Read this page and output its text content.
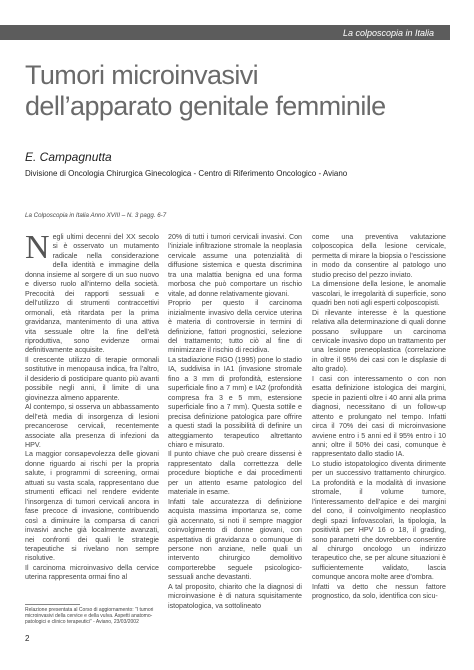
La colposcopia in Italia
Tumori microinvasivi
dell’apparato genitale femminile
E. Campagnutta
Divisione di Oncologia Chirurgica Ginecologica - Centro di Riferimento Oncologico - Aviano
La Colposcopia in Italia Anno XVIII – N. 3 pagg. 6-7

Negli ultimi decenni del XX secolo si è osservato un mutamento radicale nella considerazione della identità e immagine della donna insieme al sorgere di un suo nuovo e diverso ruolo all’interno della società. Precocità dei rapporti sessuali e dell’utilizzo di strumenti contraccettivi ormonali, età ritardata per la prima gravidanza, mantenimento di una attiva vita sessuale oltre la fine dell’età riproduttiva, sono evidenze ormai definitivamente acquisite.

Il crescente utilizzo di terapie ormonali sostitutive in menopausa indica, fra l’altro, il desiderio di posticipare quanto più avanti possibile negli anni, il limite di una giovinezza almeno apparente.

Al contempo, si osserva un abbassamento dell’età media di insorgenza di lesioni precancerose cervicali, recentemente associate alla presenza di infezioni da HPV.

La maggior consapevolezza delle giovani donne riguardo ai rischi per la propria salute, i programmi di screening, ormai attuati su vasta scala, rappresentano due strumenti efficaci nel rendere evidente l’insorgenza di tumori cervicali ancora in fase precoce di invasione, contribuendo così a diminuire la comparsa di cancri invasivi anche già localmente avanzati, nei confronti dei quali le strategie terapeutiche si rivelano non sempre risolutive.

Il carcinoma microinvasivo della cervice uterina rappresenta ormai fino al

Relazione presentata al Corso di aggiornamento: “I tumori microinvasivi della cervice e della vulva. Aspetti anatomo-patologici e clinico terapeutici” - Aviano, 23/03/2002
2

20% di tutti i tumori cervicali invasivi. Con l’iniziale infiltrazione stromale la neoplasia cervicale assume una potenzialità di diffusione sistemica e questa discrimina tra una malattia benigna ed una forma morbosa che può comportare un rischio vitale, ad donne relativamente giovani.

Proprio per questo il carcinoma inizialmente invasivo della cervice uterina è materia di controversie in termini di definizione, fattori prognostici, selezione del trattamento; tutto ciò al fine di minimizzare il rischio di recidiva.

La stadiazione FIGO (1995) pone lo stadio IA, suddivisa in IA1 (invasione stromale fino a 3 mm di profondità, estensione superficiale fino a 7 mm) e IA2 (profondità compresa fra 3 e 5 mm, estensione superficiale fino a 7 mm). Questa sottile e precisa definizione patologica pare offrire a questi stadi la possibilità di definire un atteggiamento terapeutico altrettanto chiaro e misurato.

Il punto chiave che può creare dissensi è rappresentato dalla correttezza delle procedure bioptiche e dai procedimenti per un attento esame patologico del materiale in esame.

Infatti tale accuratezza di definizione acquista massima importanza se, come già accennato, si noti il sempre maggior coinvolgimento di donne giovani, con aspettativa di gravidanza o comunque di persone non anziane, nelle quali un intervento chirurgico demolitivo comporterebbe seguele psicologico-sessuali anche devastanti.

A tal proposito, chiarito che la diagnosi di microinvasione è di natura squisitamente istopatologica, va sottolineato

come una preventiva valutazione colposcopica della lesione cervicale, permetta di mirare la biopsia o l’escissione in modo da consentire al patologo uno studio preciso del pezzo inviato.

La dimensione della lesione, le anomalie vascolari, le irregolarità di superficie, sono quadri ben noti agli esperti colposcopisti.

Di rilevante interesse è la questione relativa alla determinazione di quali donne possano sviluppare un carcinoma cervicale invasivo dopo un trattamento per una lesione preneoplastica (correlazione in oltre il 95% dei casi con le displasie di alto grado).

I casi con interessamento o con non esatta definizione istologica dei margini, specie in pazienti oltre i 40 anni alla prima diagnosi, necessitano di un follow-up attento e prolungato nel tempo. Infatti circa il 70% dei casi di microinvasione avviene entro i 5 anni ed il 95% entro i 10 anni; oltre il 50% dei casi, comunque è rappresentato dallo stadio IA.

Lo studio istopatologico diventa dirimente per un successivo trattamento chirurgico. La profondità e la modalità di invasione stromale, il volume tumore, l’interessamento dell’apice e dei margini del cono, il coinvolgimento neoplastico degli spazi linfovascolari, la tipologia, la positività per HPV 16 o 18, il grading, sono parametri che dovrebbero consentire al chirurgo oncologo un indirizzo terapeutico che, se per alcune situazioni è sufficientemente validato, lascia comunque ancora molte aree d’ombra.

Infatti va detto che nessun fattore prognostico, da solo, identifica con sicu-
